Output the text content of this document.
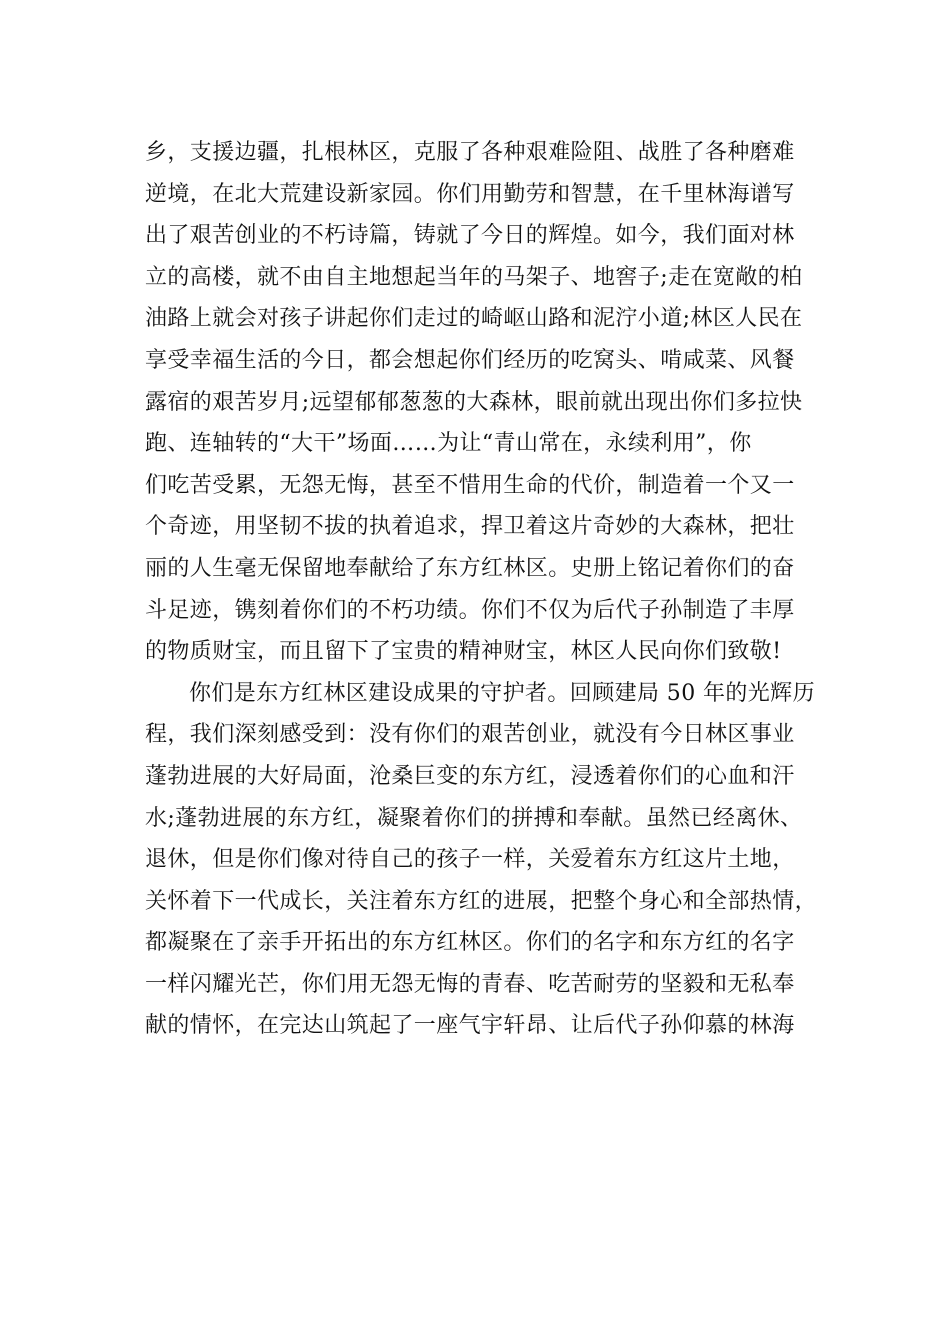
乡，支援边疆，扎根林区，克服了各种艰难险阻、战胜了各种磨难
逆境，在北大荒建设新家园。你们用勤劳和智慧，在千里林海谱写
出了艰苦创业的不朽诗篇，铸就了今日的辉煌。如今，我们面对林
立的高楼，就不由自主地想起当年的马架子、地窖子;走在宽敞的柏
油路上就会对孩子讲起你们走过的崎岖山路和泥泞小道;林区人民在
享受幸福生活的今日，都会想起你们经历的吃窝头、啃咸菜、风餐
露宿的艰苦岁月;远望郁郁葱葱的大森林，眼前就出现出你们多拉快
跑、连轴转的“大干”场面……为让“青山常在，永续利用”，你
们吃苦受累，无怨无悔，甚至不惜用生命的代价，制造着一个又一
个奇迹，用坚韧不拔的执着追求，捍卫着这片奇妙的大森林，把壮
丽的人生毫无保留地奉献给了东方红林区。史册上铭记着你们的奋
斗足迹，镌刻着你们的不朽功绩。你们不仅为后代子孙制造了丰厚
的物质财宝，而且留下了宝贵的精神财宝，林区人民向你们致敬!
你们是东方红林区建设成果的守护者。回顾建局 50 年的光辉历
程，我们深刻感受到：没有你们的艰苦创业，就没有今日林区事业
蓬勃进展的大好局面，沧桑巨变的东方红，浸透着你们的心血和汗
水;蓬勃进展的东方红，凝聚着你们的拼搏和奉献。虽然已经离休、
退休，但是你们像对待自己的孩子一样，关爱着东方红这片土地，
关怀着下一代成长，关注着东方红的进展，把整个身心和全部热情，
都凝聚在了亲手开拓出的东方红林区。你们的名字和东方红的名字
一样闪耀光芒，你们用无怨无悔的青春、吃苦耐劳的坚毅和无私奉
献的情怀，在完达山筑起了一座气宇轩昂、让后代子孙仰慕的林海
